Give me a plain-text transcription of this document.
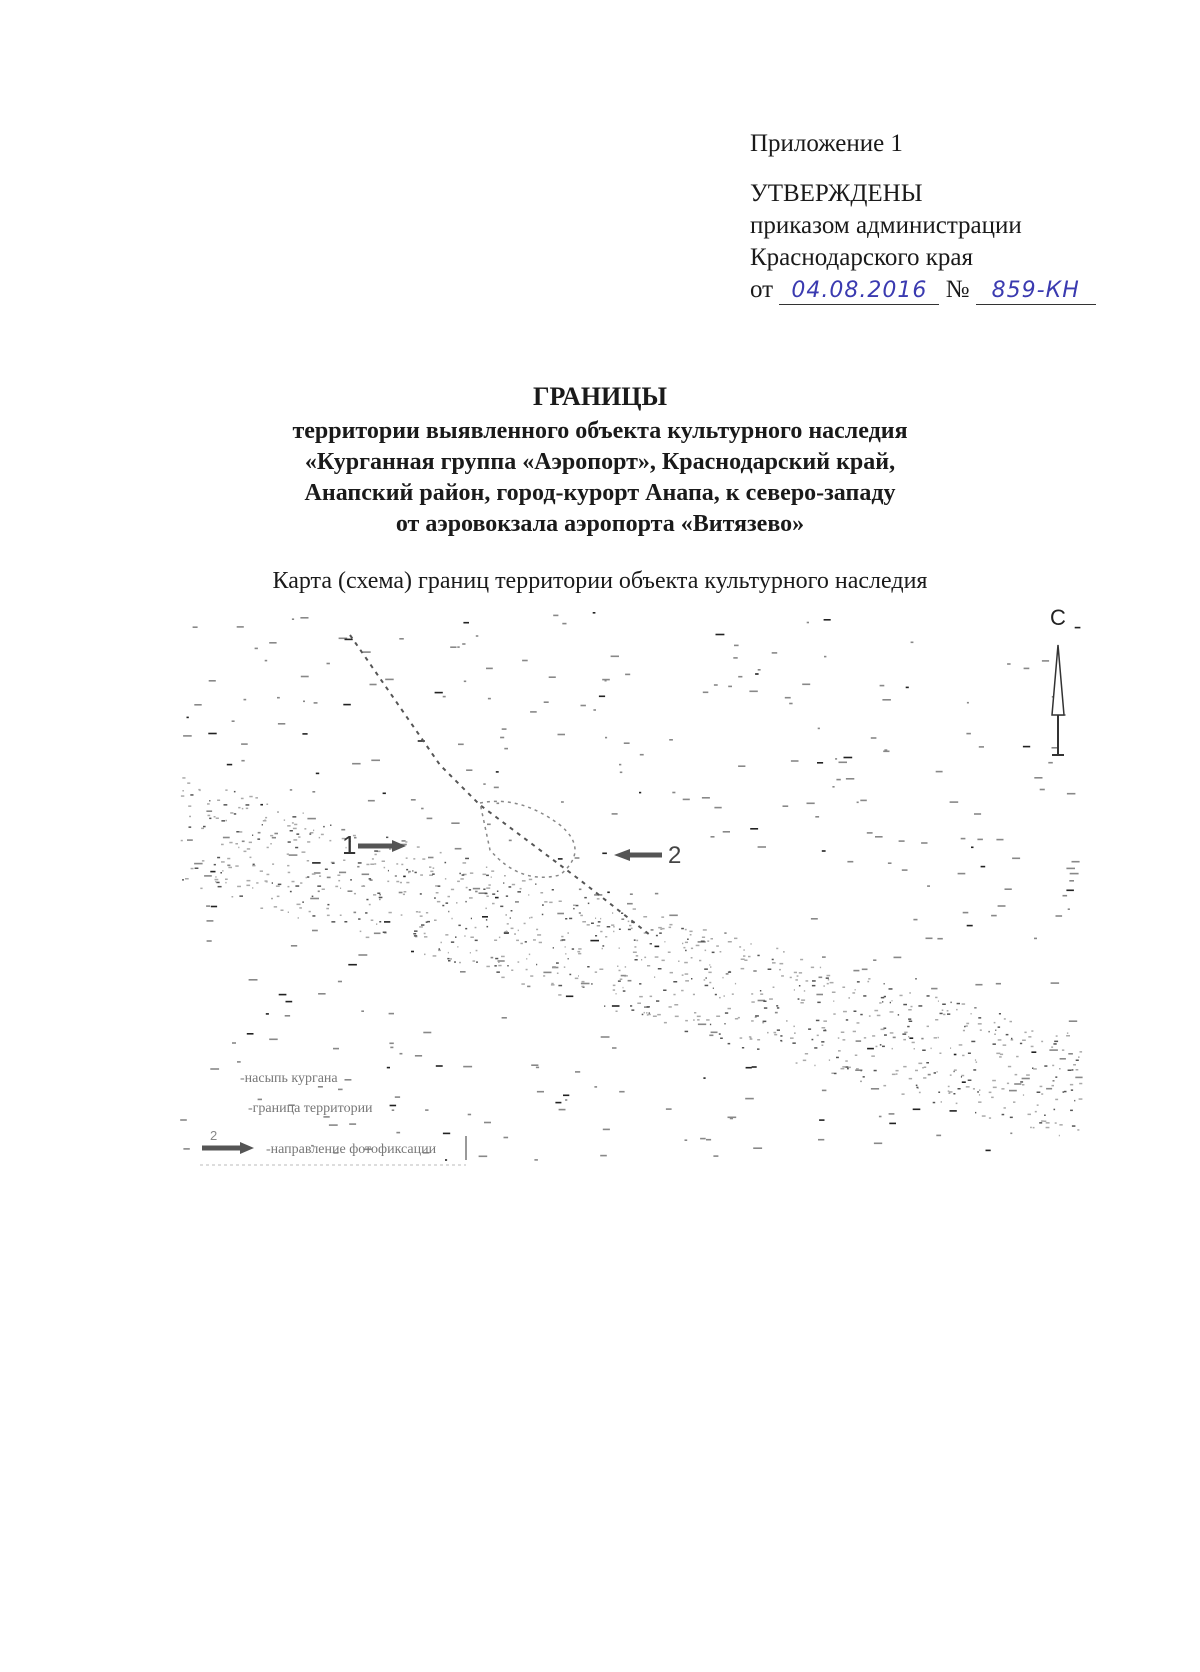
Приложение 1
УТВЕРЖДЕНЫ
приказом администрации
Краснодарского края
от 04.08.2016 № 859-КН
ГРАНИЦЫ
территории выявленного объекта культурного наследия
«Курганная группа «Аэропорт», Краснодарский край,
Анапский район, город-курорт Анапа, к северо-западу
от аэровокзала аэропорта «Витязево»
Карта (схема) границ территории объекта культурного наследия
С
1	2
-насыпь кургана
-граница территории
2
-направление фотофиксации
